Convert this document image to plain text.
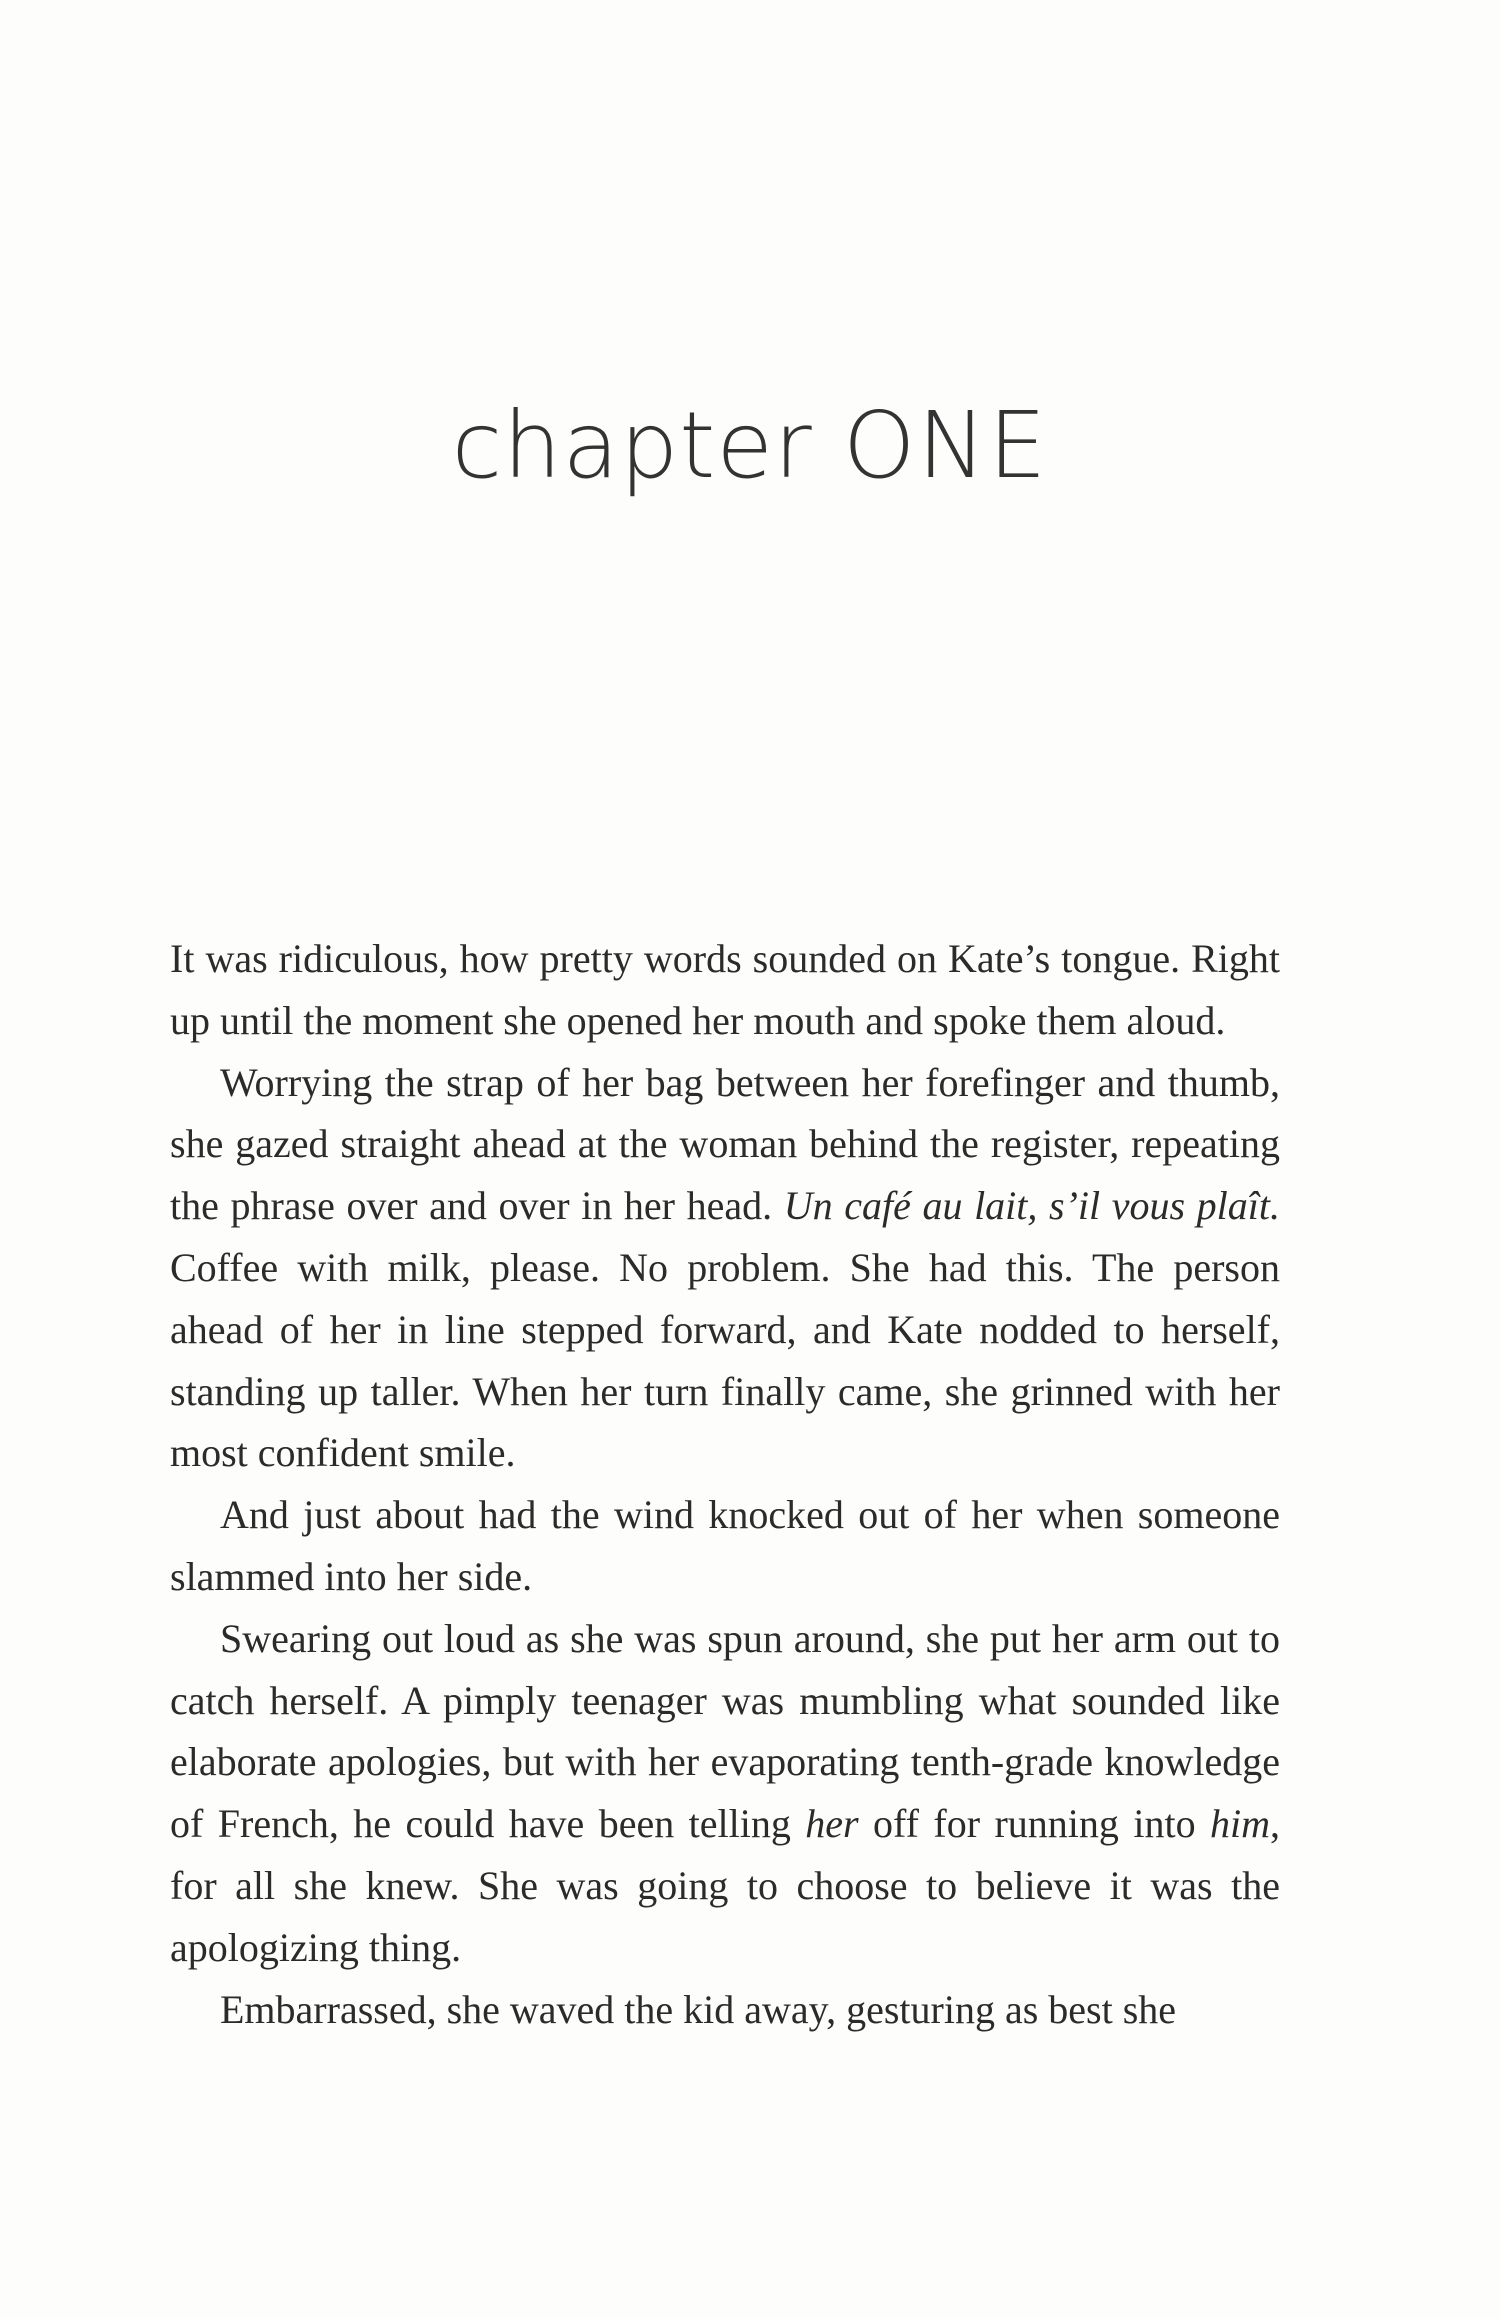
chapter ONE

It was ridiculous, how pretty words sounded on Kate’s tongue. Right up until the moment she opened her mouth and spoke them aloud.

Worrying the strap of her bag between her forefinger and thumb, she gazed straight ahead at the woman behind the register, repeating the phrase over and over in her head. Un café au lait, s’il vous plaît. Coffee with milk, please. No problem. She had this. The person ahead of her in line stepped forward, and Kate nodded to herself, standing up taller. When her turn finally came, she grinned with her most confident smile.

And just about had the wind knocked out of her when someone slammed into her side.

Swearing out loud as she was spun around, she put her arm out to catch herself. A pimply teenager was mumbling what sounded like elaborate apologies, but with her evaporating tenth-grade knowledge of French, he could have been telling her off for running into him, for all she knew. She was going to choose to believe it was the apologizing thing.

Embarrassed, she waved the kid away, gesturing as best she
